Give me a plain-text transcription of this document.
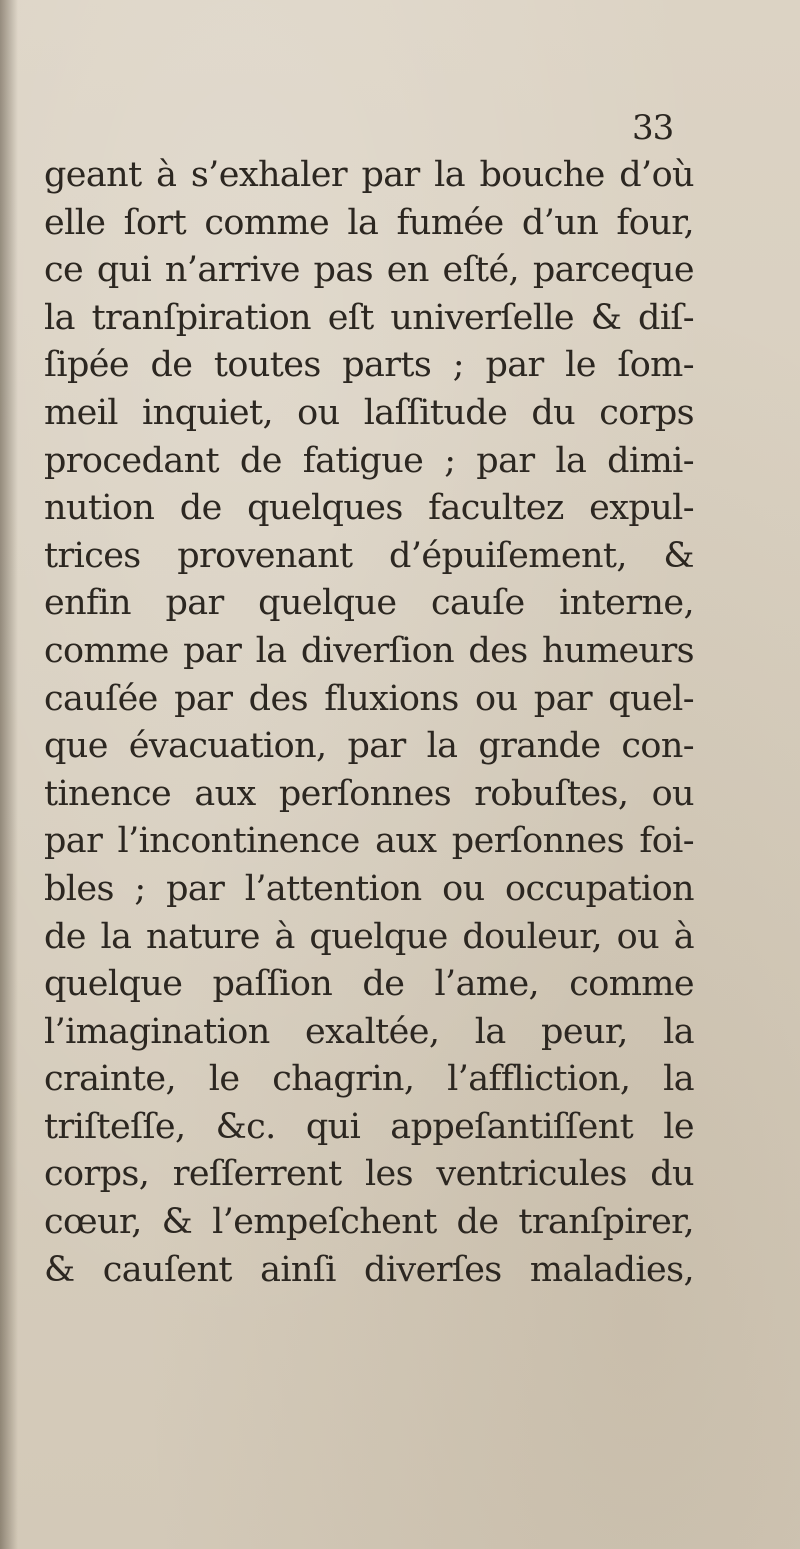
33
geant à s’exhaler par la bouche d’où
elle ſort comme la fumée d’un four,
ce qui n’arrive pas en eſté, parceque
la tranſpiration eſt univerſelle & diſ-
ſipée de toutes parts ; par le ſom-
meil inquiet, ou laſſitude du corps
procedant de fatigue ; par la dimi-
nution de quelques facultez expul-
trices provenant d’épuiſement, &
enfin par quelque cauſe interne,
comme par la diverſion des humeurs
cauſée par des fluxions ou par quel-
que évacuation, par la grande con-
tinence aux perſonnes robuſtes, ou
par l’incontinence aux perſonnes foi-
bles ; par l’attention ou occupation
de la nature à quelque douleur, ou à
quelque paſſion de l’ame, comme
l’imagination exaltée, la peur, la
crainte, le chagrin, l’affliction, la
triſteſſe, &c. qui appeſantiſſent le
corps, reſſerrent les ventricules du
cœur, & l’empeſchent de tranſpirer,
& cauſent ainſi diverſes maladies,
